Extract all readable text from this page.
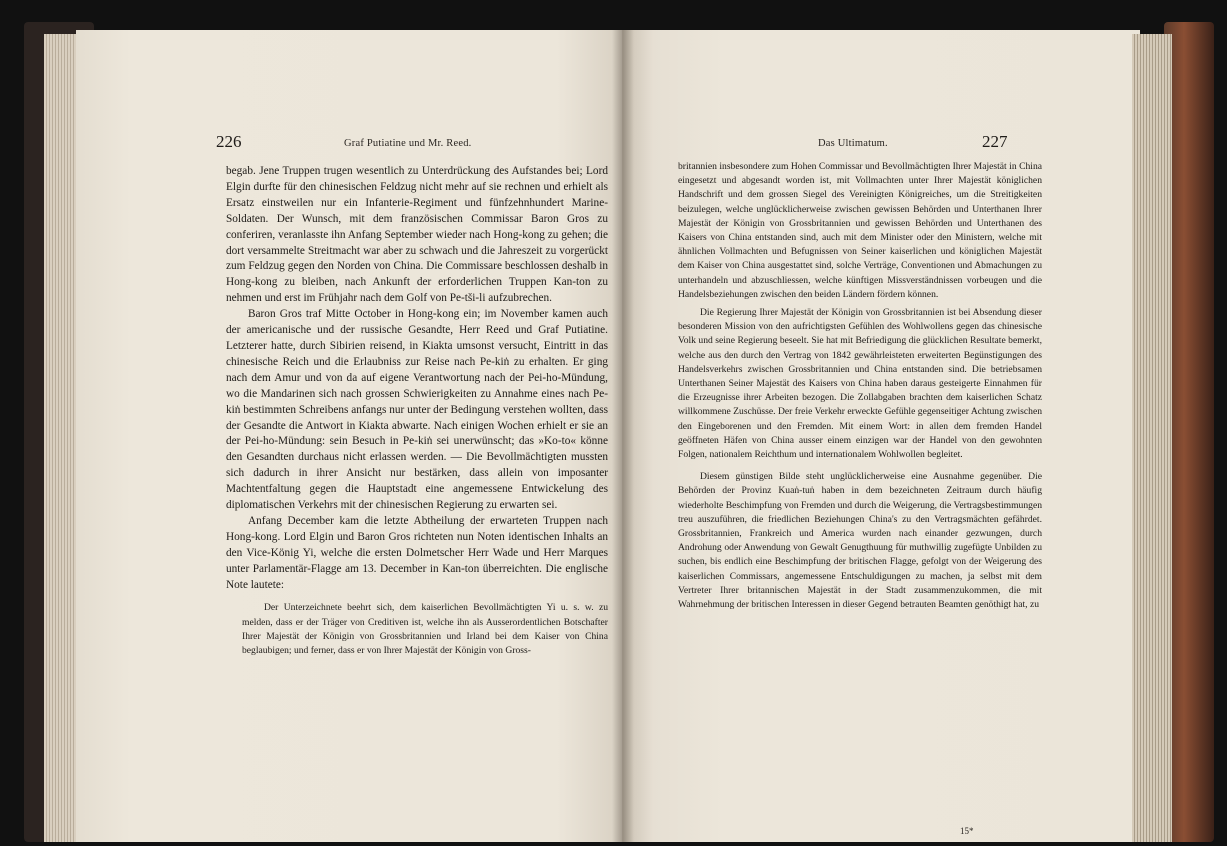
226	Graf Putiatine und Mr. Reed.

begab. Jene Truppen trugen wesentlich zu Unterdrückung des Aufstandes bei; Lord Elgin durfte für den chinesischen Feldzug nicht mehr auf sie rechnen und erhielt als Ersatz einstweilen nur ein Infanterie-Regiment und fünfzehnhundert Marine-Soldaten. Der Wunsch, mit dem französischen Commissar Baron Gros zu conferiren, veranlasste ihn Anfang September wieder nach Hong-kong zu gehen; die dort versammelte Streitmacht war aber zu schwach und die Jahreszeit zu vorgerückt zum Feldzug gegen den Norden von China. Die Commissare beschlossen deshalb in Hong-kong zu bleiben, nach Ankunft der erforderlichen Truppen Kan-ton zu nehmen und erst im Frühjahr nach dem Golf von Pe-tši-li aufzubrechen.

Baron Gros traf Mitte October in Hong-kong ein; im November kamen auch der americanische und der russische Gesandte, Herr Reed und Graf Putiatine. Letzterer hatte, durch Sibirien reisend, in Kiakta umsonst versucht, Eintritt in das chinesische Reich und die Erlaubniss zur Reise nach Pe-kiṅ zu erhalten. Er ging nach dem Amur und von da auf eigene Verantwortung nach der Pei-ho-Mündung, wo die Mandarinen sich nach grossen Schwierigkeiten zu Annahme eines nach Pe-kiṅ bestimmten Schreibens anfangs nur unter der Bedingung verstehen wollten, dass der Gesandte die Antwort in Kiakta abwarte. Nach einigen Wochen erhielt er sie an der Pei-ho-Mündung: sein Besuch in Pe-kiṅ sei unerwünscht; das »Ko-to« könne den Gesandten durchaus nicht erlassen werden. — Die Bevollmächtigten mussten sich dadurch in ihrer Ansicht nur bestärken, dass allein von imposanter Machtentfaltung gegen die Hauptstadt eine angemessene Entwickelung des diplomatischen Verkehrs mit der chinesischen Regierung zu erwarten sei.

Anfang December kam die letzte Abtheilung der erwarteten Truppen nach Hong-kong. Lord Elgin und Baron Gros richteten nun Noten identischen Inhalts an den Vice-König Yi, welche die ersten Dolmetscher Herr Wade und Herr Marques unter Parlamentär-Flagge am 13. December in Kan-ton überreichten. Die englische Note lautete:

Der Unterzeichnete beehrt sich, dem kaiserlichen Bevollmächtigten Yi u. s. w. zu melden, dass er der Träger von Creditiven ist, welche ihn als Ausserordentlichen Botschafter Ihrer Majestät der Königin von Grossbritannien und Irland bei dem Kaiser von China beglaubigen; und ferner, dass er von Ihrer Majestät der Königin von Gross-

Das Ultimatum.	227

britannien insbesondere zum Hohen Commissar und Bevollmächtigten Ihrer Majestät in China eingesetzt und abgesandt worden ist, mit Vollmachten unter Ihrer Majestät königlichen Handschrift und dem grossen Siegel des Vereinigten Königreiches, um die Streitigkeiten beizulegen, welche unglücklicherweise zwischen gewissen Behörden und Unterthanen Ihrer Majestät der Königin von Grossbritannien und gewissen Behörden und Unterthanen des Kaisers von China entstanden sind, auch mit dem Minister oder den Ministern, welche mit ähnlichen Vollmachten und Befugnissen von Seiner kaiserlichen und königlichen Majestät dem Kaiser von China ausgestattet sind, solche Verträge, Conventionen und Abmachungen zu unterhandeln und abzuschliessen, welche künftigen Missverständnissen vorbeugen und die Handelsbeziehungen zwischen den beiden Ländern fördern können.

Die Regierung Ihrer Majestät der Königin von Grossbritannien ist bei Absendung dieser besonderen Mission von den aufrichtigsten Gefühlen des Wohlwollens gegen das chinesische Volk und seine Regierung beseelt. Sie hat mit Befriedigung die glücklichen Resultate bemerkt, welche aus den durch den Vertrag von 1842 gewährleisteten erweiterten Begünstigungen des Handelsverkehrs zwischen Grossbritannien und China entstanden sind. Die betriebsamen Unterthanen Seiner Majestät des Kaisers von China haben daraus gesteigerte Einnahmen für die Erzeugnisse ihrer Arbeiten bezogen. Die Zollabgaben brachten dem kaiserlichen Schatz willkommene Zuschüsse. Der freie Verkehr erweckte Gefühle gegenseitiger Achtung zwischen den Eingeborenen und den Fremden. Mit einem Wort: in allen dem fremden Handel geöffneten Häfen von China ausser einem einzigen war der Handel von den gewohnten Folgen, nationalem Reichthum und internationalem Wohlwollen begleitet.

Diesem günstigen Bilde steht unglücklicherweise eine Ausnahme gegenüber. Die Behörden der Provinz Kuaṅ-tuṅ haben in dem bezeichneten Zeitraum durch häufig wiederholte Beschimpfung von Fremden und durch die Weigerung, die Vertragsbestimmungen treu auszuführen, die friedlichen Beziehungen China's zu den Vertragsmächten gefährdet. Grossbritannien, Frankreich und America wurden nach einander gezwungen, durch Androhung oder Anwendung von Gewalt Genugthuung für muthwillig zugefügte Unbilden zu suchen, bis endlich eine Beschimpfung der britischen Flagge, gefolgt von der Weigerung des kaiserlichen Commissars, angemessene Entschuldigungen zu machen, ja selbst mit dem Vertreter Ihrer britannischen Majestät in der Stadt zusammenzukommen, die mit Wahrnehmung der britischen Interessen in dieser Gegend betrauten Beamten genöthigt hat, zu

15*
